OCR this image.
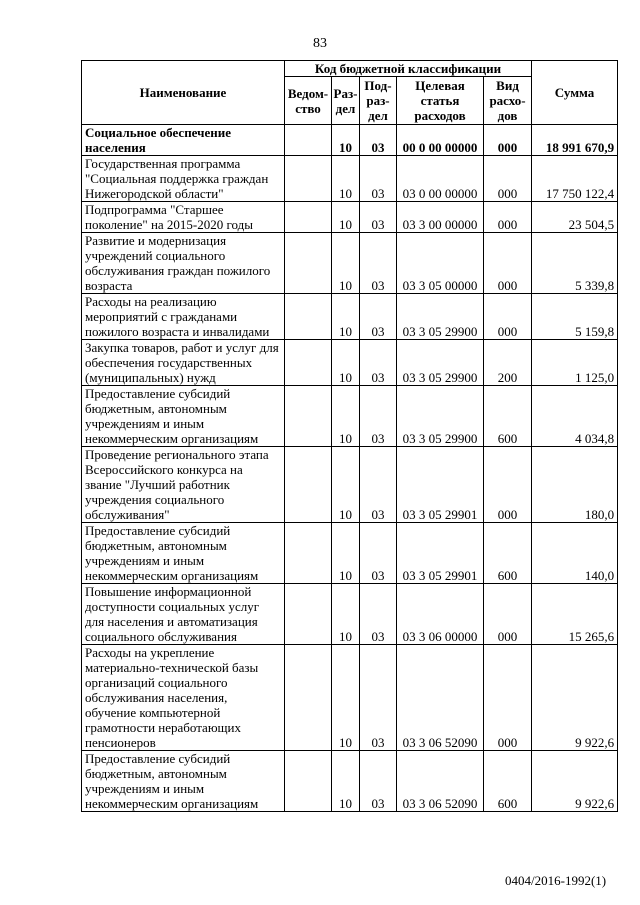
83
Наименование	Код бюджетной классификации					Сумма
	Ведом-ство	Раз-дел	Под-раз-дел	Целевая статья расходов	Вид расхо-дов	
Социальное обеспечение населения		10	03	00 0 00 00000	000	18 991 670,9
Государственная программа "Социальная поддержка граждан Нижегородской области"		10	03	03 0 00 00000	000	17 750 122,4
Подпрограмма "Старшее поколение" на 2015-2020 годы		10	03	03 3 00 00000	000	23 504,5
Развитие и модернизация учреждений социального обслуживания граждан пожилого возраста		10	03	03 3 05 00000	000	5 339,8
Расходы на реализацию мероприятий с гражданами пожилого возраста и инвалидами		10	03	03 3 05 29900	000	5 159,8
Закупка товаров, работ и услуг для обеспечения государственных (муниципальных) нужд		10	03	03 3 05 29900	200	1 125,0
Предоставление субсидий бюджетным, автономным учреждениям и иным некоммерческим организациям		10	03	03 3 05 29900	600	4 034,8
Проведение регионального этапа Всероссийского конкурса на звание "Лучший работник учреждения социального обслуживания"		10	03	03 3 05 29901	000	180,0
Предоставление субсидий бюджетным, автономным учреждениям и иным некоммерческим организациям		10	03	03 3 05 29901	600	140,0
Повышение информационной доступности социальных услуг для населения и автоматизация социального обслуживания		10	03	03 3 06 00000	000	15 265,6
Расходы на укрепление материально-технической базы организаций социального обслуживания населения, обучение компьютерной грамотности неработающих пенсионеров		10	03	03 3 06 52090	000	9 922,6
Предоставление субсидий бюджетным, автономным учреждениям и иным некоммерческим организациям		10	03	03 3 06 52090	600	9 922,6
0404/2016-1992(1)
